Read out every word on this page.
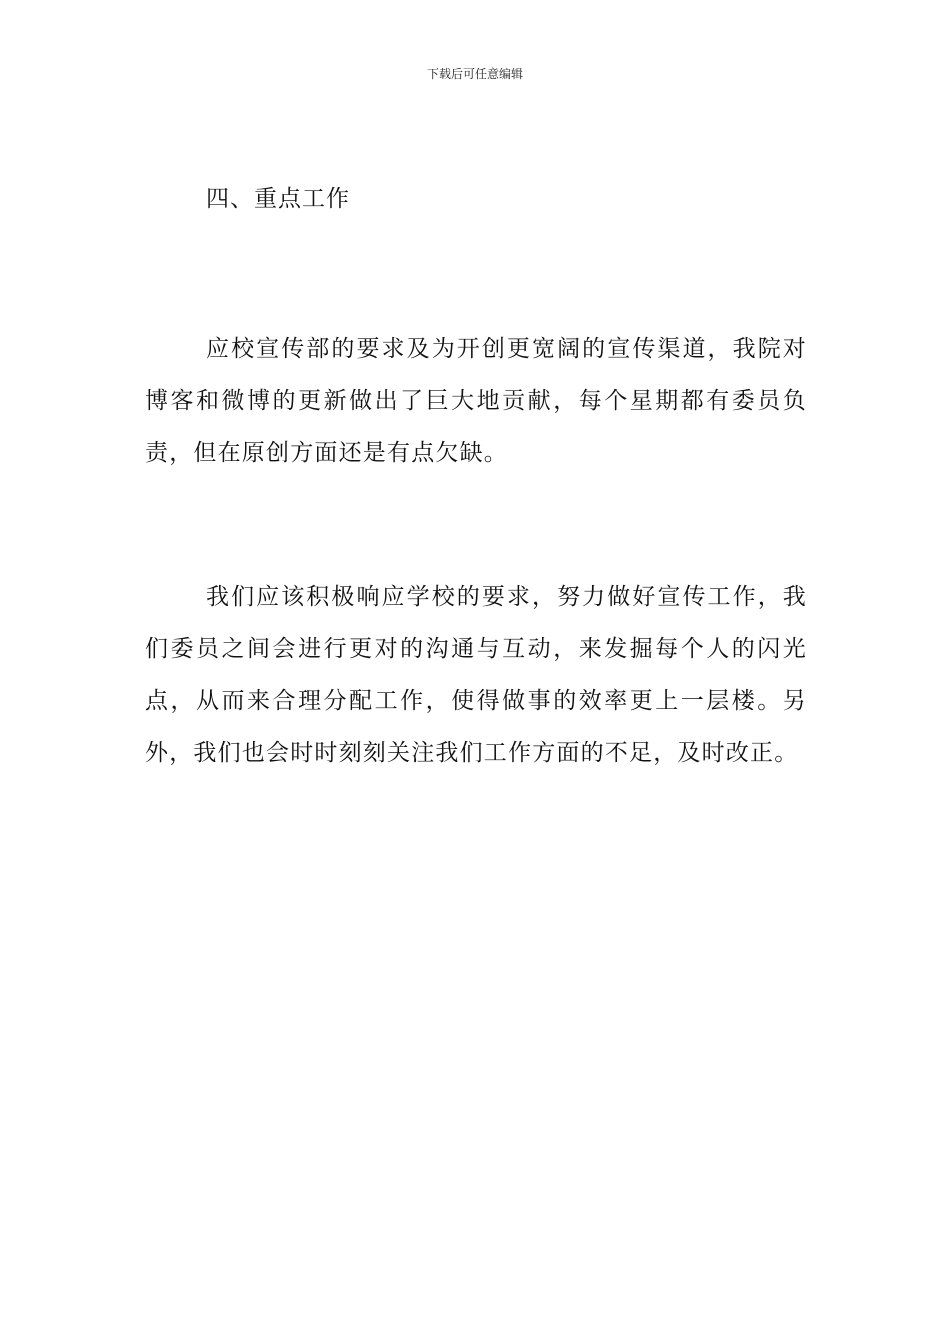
下载后可任意编辑
四、重点工作

应校宣传部的要求及为开创更宽阔的宣传渠道，我院对博客和微博的更新做出了巨大地贡献，每个星期都有委员负责，但在原创方面还是有点欠缺。

我们应该积极响应学校的要求，努力做好宣传工作，我们委员之间会进行更对的沟通与互动，来发掘每个人的闪光点，从而来合理分配工作，使得做事的效率更上一层楼。另外，我们也会时时刻刻关注我们工作方面的不足，及时改正。
